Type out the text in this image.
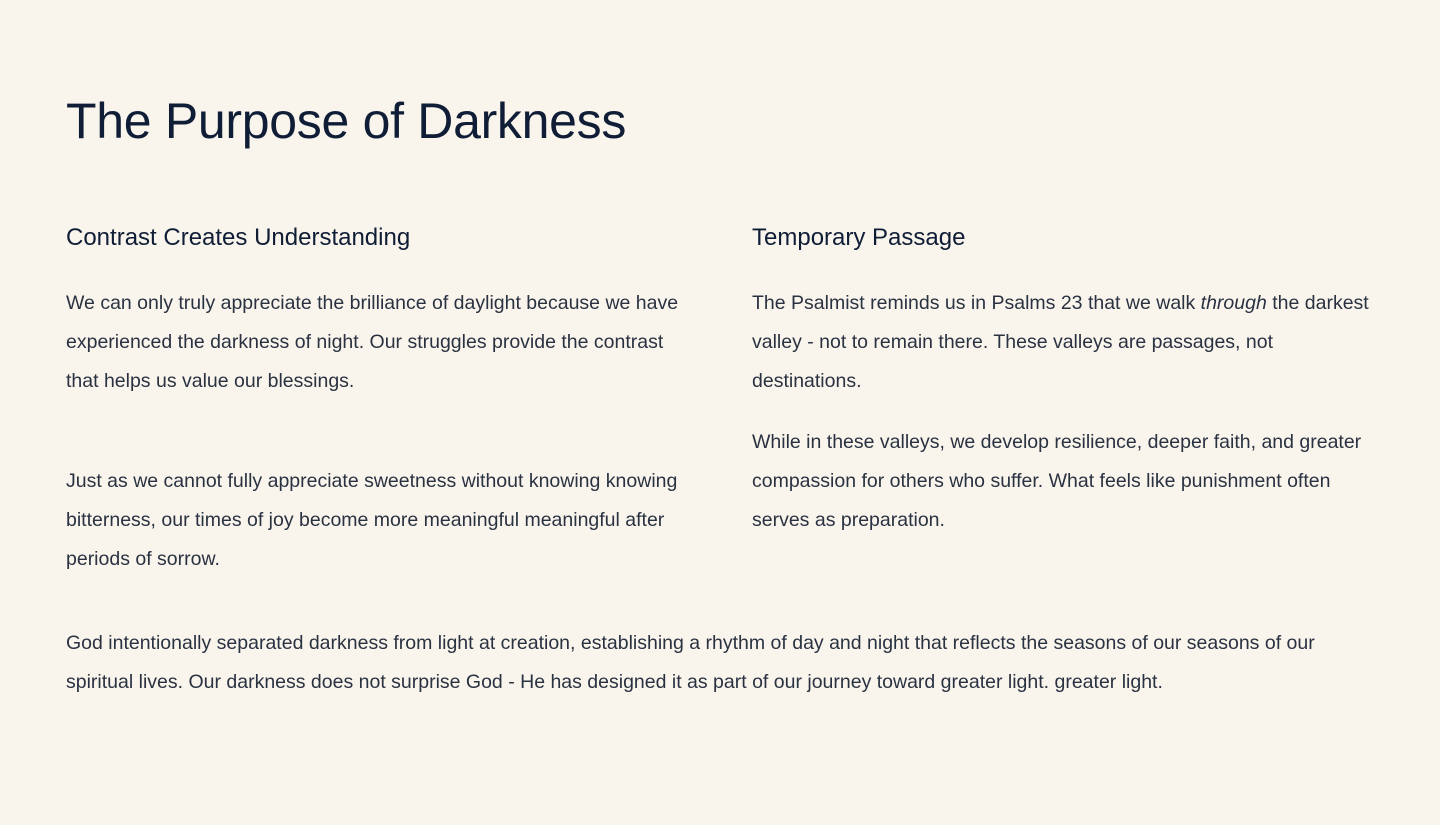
The Purpose of Darkness
Contrast Creates Understanding

We can only truly appreciate the brilliance of daylight because we have experienced the darkness of night. Our struggles provide the contrast that helps us value our blessings.

Just as we cannot fully appreciate sweetness without knowing knowing bitterness, our times of joy become more meaningful meaningful after periods of sorrow.

Temporary Passage

The Psalmist reminds us in Psalms 23 that we walk through the darkest valley - not to remain there. These valleys are passages, not destinations.

While in these valleys, we develop resilience, deeper faith, and greater compassion for others who suffer. What feels like punishment often serves as preparation.

God intentionally separated darkness from light at creation, establishing a rhythm of day and night that reflects the seasons of our seasons of our spiritual lives. Our darkness does not surprise God - He has designed it as part of our journey toward greater light. greater light.
